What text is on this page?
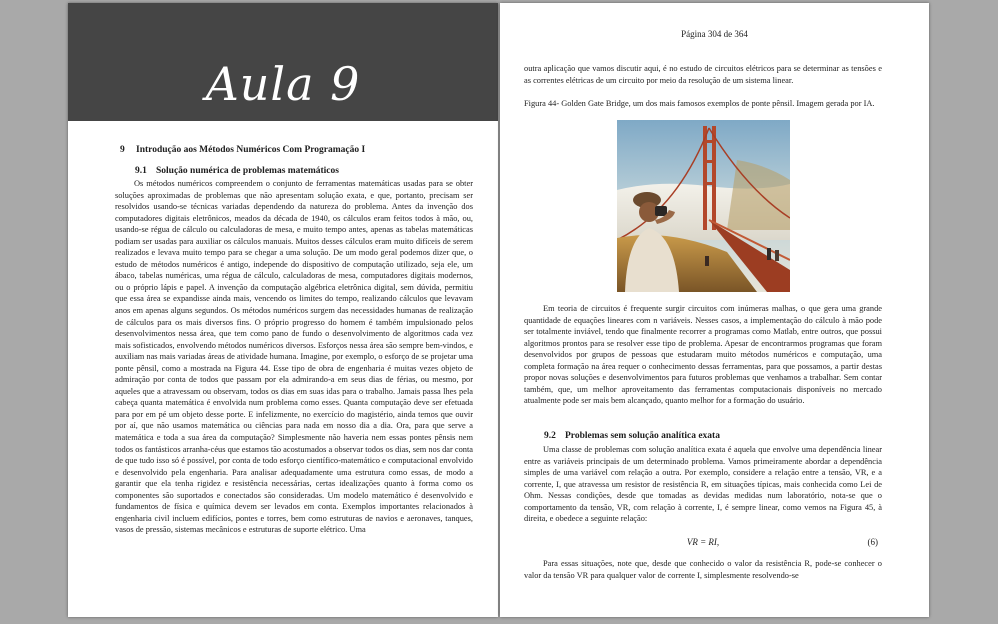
Aula 9
9 Introdução aos Métodos Numéricos Com Programação I
9.1 Solução numérica de problemas matemáticos

Os métodos numéricos compreendem o conjunto de ferramentas matemáticas usadas para se obter soluções aproximadas de problemas que não apresentam solução exata, e que, portanto, precisam ser resolvidos usando-se técnicas variadas dependendo da natureza do problema. Antes da invenção dos computadores digitais eletrônicos, meados da década de 1940, os cálculos eram feitos todos à mão, ou, usando-se régua de cálculo ou calculadoras de mesa, e muito tempo antes, apenas as tabelas matemáticas podiam ser usadas para auxiliar os cálculos manuais. Muitos desses cálculos eram muito difíceis de serem realizados e levava muito tempo para se chegar a uma solução. De um modo geral podemos dizer que, o estudo de métodos numéricos é antigo, independe do dispositivo de computação utilizado, seja ele, um ábaco, tabelas numéricas, uma régua de cálculo, calculadoras de mesa, computadores digitais modernos, ou o próprio lápis e papel. A invenção da computação algébrica eletrônica digital, sem dúvida, permitiu que essa área se expandisse ainda mais, vencendo os limites do tempo, realizando cálculos que levavam anos em apenas alguns segundos. Os métodos numéricos surgem das necessidades humanas de realização de cálculos para os mais diversos fins. O próprio progresso do homem é também impulsionado pelos desenvolvimentos nessa área, que tem como pano de fundo o desenvolvimento de algoritmos cada vez mais sofisticados, envolvendo métodos numéricos diversos. Esforços nessa área são sempre bem-vindos, e auxiliam nas mais variadas áreas de atividade humana. Imagine, por exemplo, o esforço de se projetar uma ponte pênsil, como a mostrada na Figura 44. Esse tipo de obra de engenharia é muitas vezes objeto de admiração por conta de todos que passam por ela admirando-a em seus dias de férias, ou mesmo, por aqueles que a atravessam ou observam, todos os dias em suas idas para o trabalho. Jamais passa lhes pela cabeça quanta matemática é envolvida num problema como esses. Quanta computação deve ser efetuada para por em pé um objeto desse porte. E infelizmente, no exercício do magistério, ainda temos que ouvir por aí, que não usamos matemática ou ciências para nada em nosso dia a dia. Ora, para que serve a matemática e toda a sua área da computação? Simplesmente não haveria nem essas pontes pênsis nem todos os fantásticos arranha-céus que estamos tão acostumados a observar todos os dias, sem nos dar conta de que tudo isso só é possível, por conta de todo esforço científico-matemático e computacional envolvido e desenvolvido pela engenharia. Para analisar adequadamente uma estrutura como essas, de modo a garantir que ela tenha rigidez e resistência necessárias, certas idealizações quanto à forma como os componentes são suportados e conectados são consideradas. Um modelo matemático é desenvolvido e fundamentos de física e química devem ser levados em conta. Exemplos importantes relacionados à engenharia civil incluem edifícios, pontes e torres, bem como estruturas de navios e aeronaves, tanques, vasos de pressão, sistemas mecânicos e estruturas de suporte elétrico. Uma

Página 304 de 364

outra aplicação que vamos discutir aqui, é no estudo de circuitos elétricos para se determinar as tensões e as correntes elétricas de um circuito por meio da resolução de um sistema linear.

Figura 44- Golden Gate Bridge, um dos mais famosos exemplos de ponte pênsil. Imagem gerada por IA.

Em teoria de circuitos é frequente surgir circuitos com inúmeras malhas, o que gera uma grande quantidade de equações lineares com n variáveis. Nesses casos, a implementação do cálculo à mão pode ser totalmente inviável, tendo que finalmente recorrer a programas como Matlab, entre outros, que possui algoritmos prontos para se resolver esse tipo de problema. Apesar de encontrarmos programas que foram desenvolvidos por grupos de pessoas que estudaram muito métodos numéricos e computação, uma completa formação na área requer o conhecimento dessas ferramentas, para que possamos, a partir destas propor novas soluções e desenvolvimentos para futuros problemas que venhamos a trabalhar. Sem contar também, que, um melhor aproveitamento das ferramentas computacionais disponíveis no mercado atualmente pode ser mais bem alcançado, quanto melhor for a formação do usuário.

9.2 Problemas sem solução analítica exata

Uma classe de problemas com solução analítica exata é aquela que envolve uma dependência linear entre as variáveis principais de um determinado problema. Vamos primeiramente abordar a dependência simples de uma variável com relação a outra. Por exemplo, considere a relação entre a tensão, VR, e a corrente, I, que atravessa um resistor de resistência R, em situações típicas, mais conhecida como Lei de Ohm. Nessas condições, desde que tomadas as devidas medidas num laboratório, nota-se que o comportamento da tensão, VR, com relação à corrente, I, é sempre linear, como vemos na Figura 45, à direita, e obedece a seguinte relação:

VR = RI,	(6)

Para essas situações, note que, desde que conhecido o valor da resistência R, pode-se conhecer o valor da tensão VR para qualquer valor de corrente I, simplesmente resolvendo-se
